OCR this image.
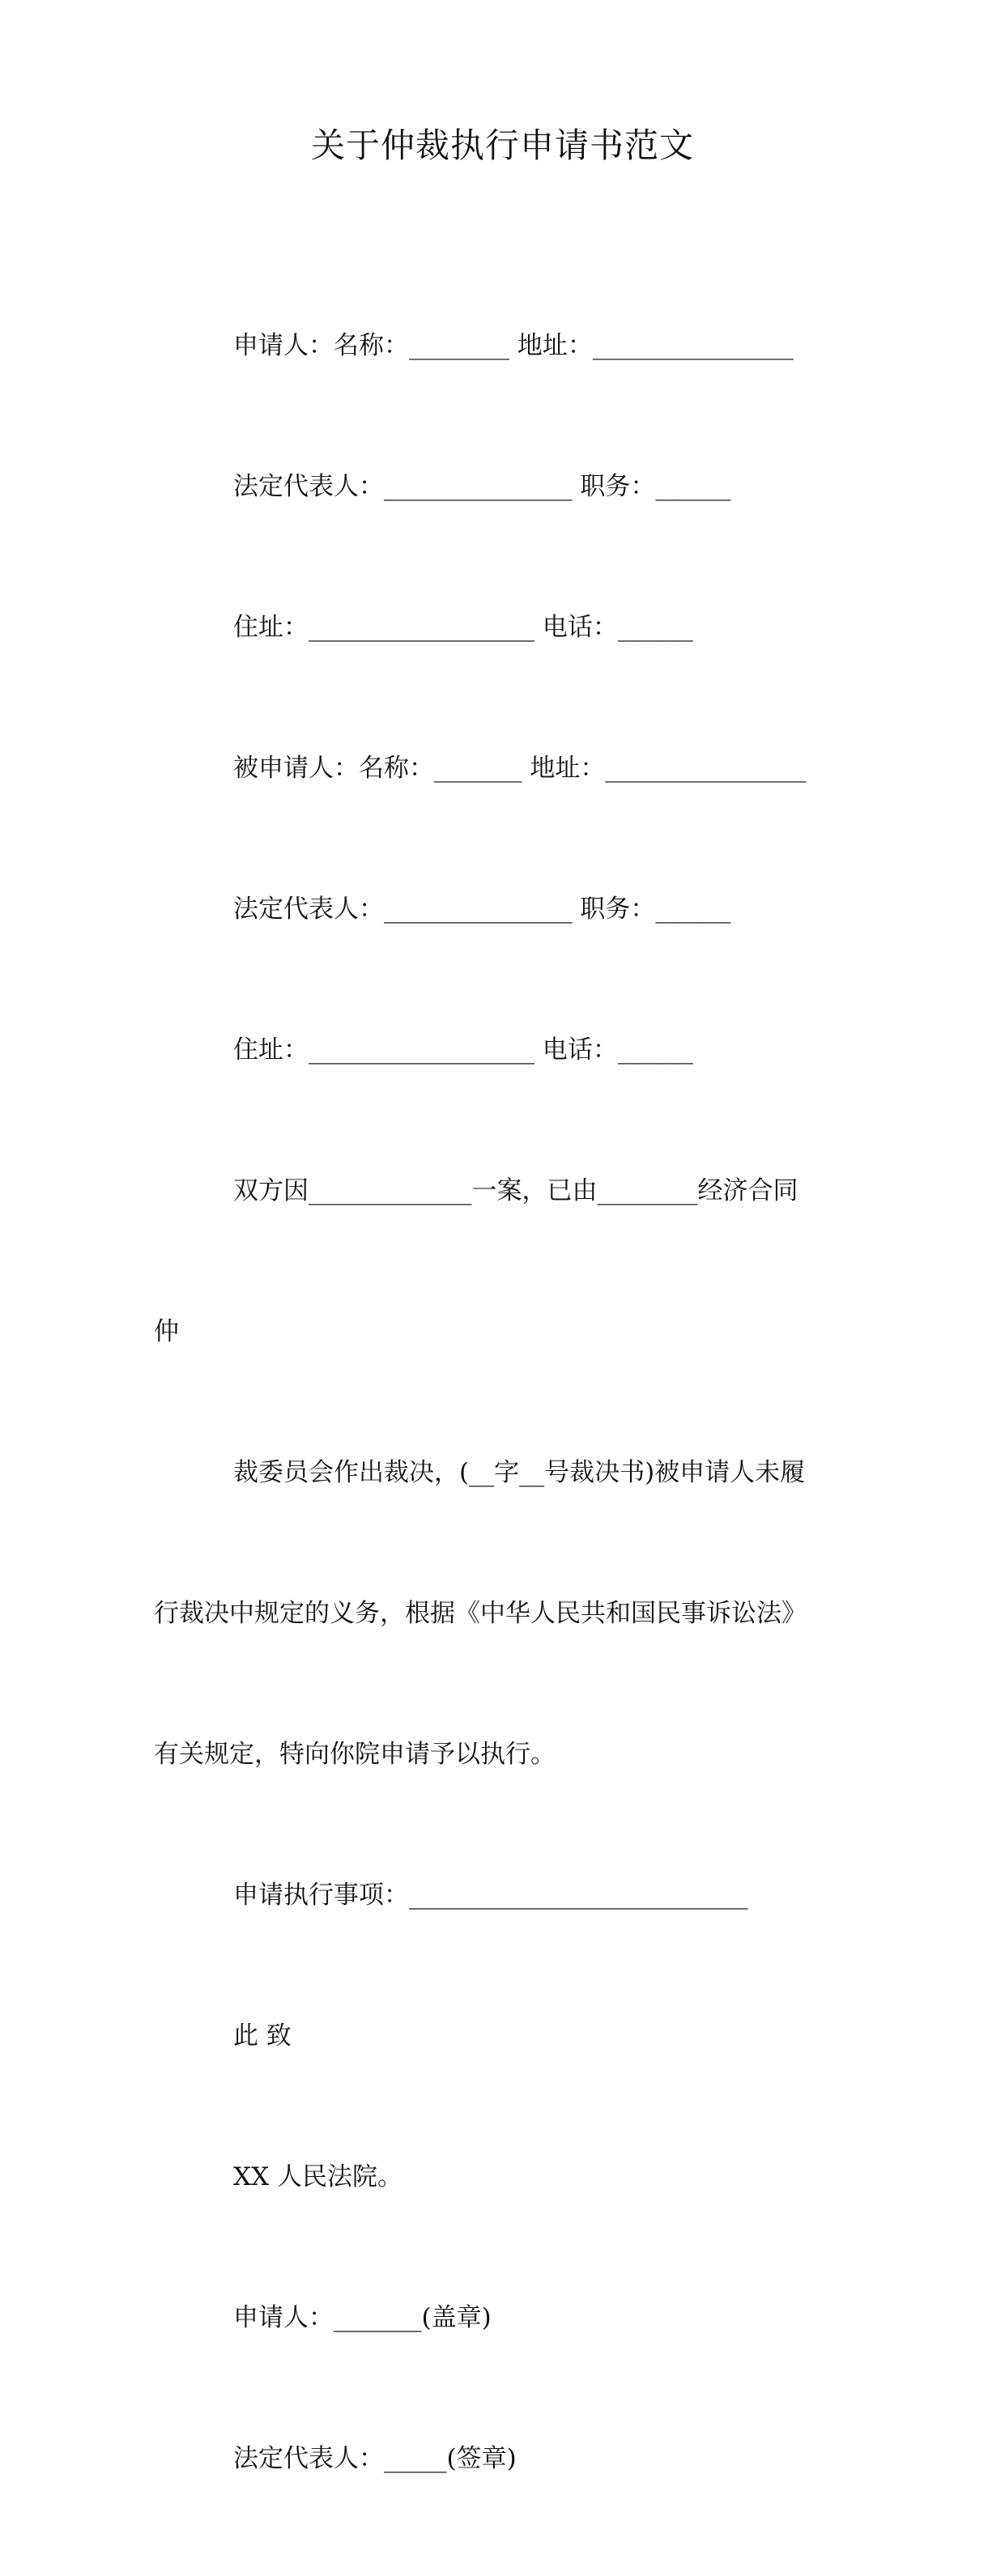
关于仲裁执行申请书范文

申请人：名称：________ 地址：________________

法定代表人：_______________ 职务：______

住址：__________________ 电话：______

被申请人：名称：_______ 地址：________________

法定代表人：_______________ 职务：______

住址：__________________ 电话：______

双方因_____________一案，已由________经济合同

仲

裁委员会作出裁决，(__字__号裁决书)被申请人未履

行裁决中规定的义务，根据《中华人民共和国民事诉讼法》

有关规定，特向你院申请予以执行。

申请执行事项：___________________________

此 致

XX 人民法院。

申请人：_______(盖章)

法定代表人：_____(签章)
